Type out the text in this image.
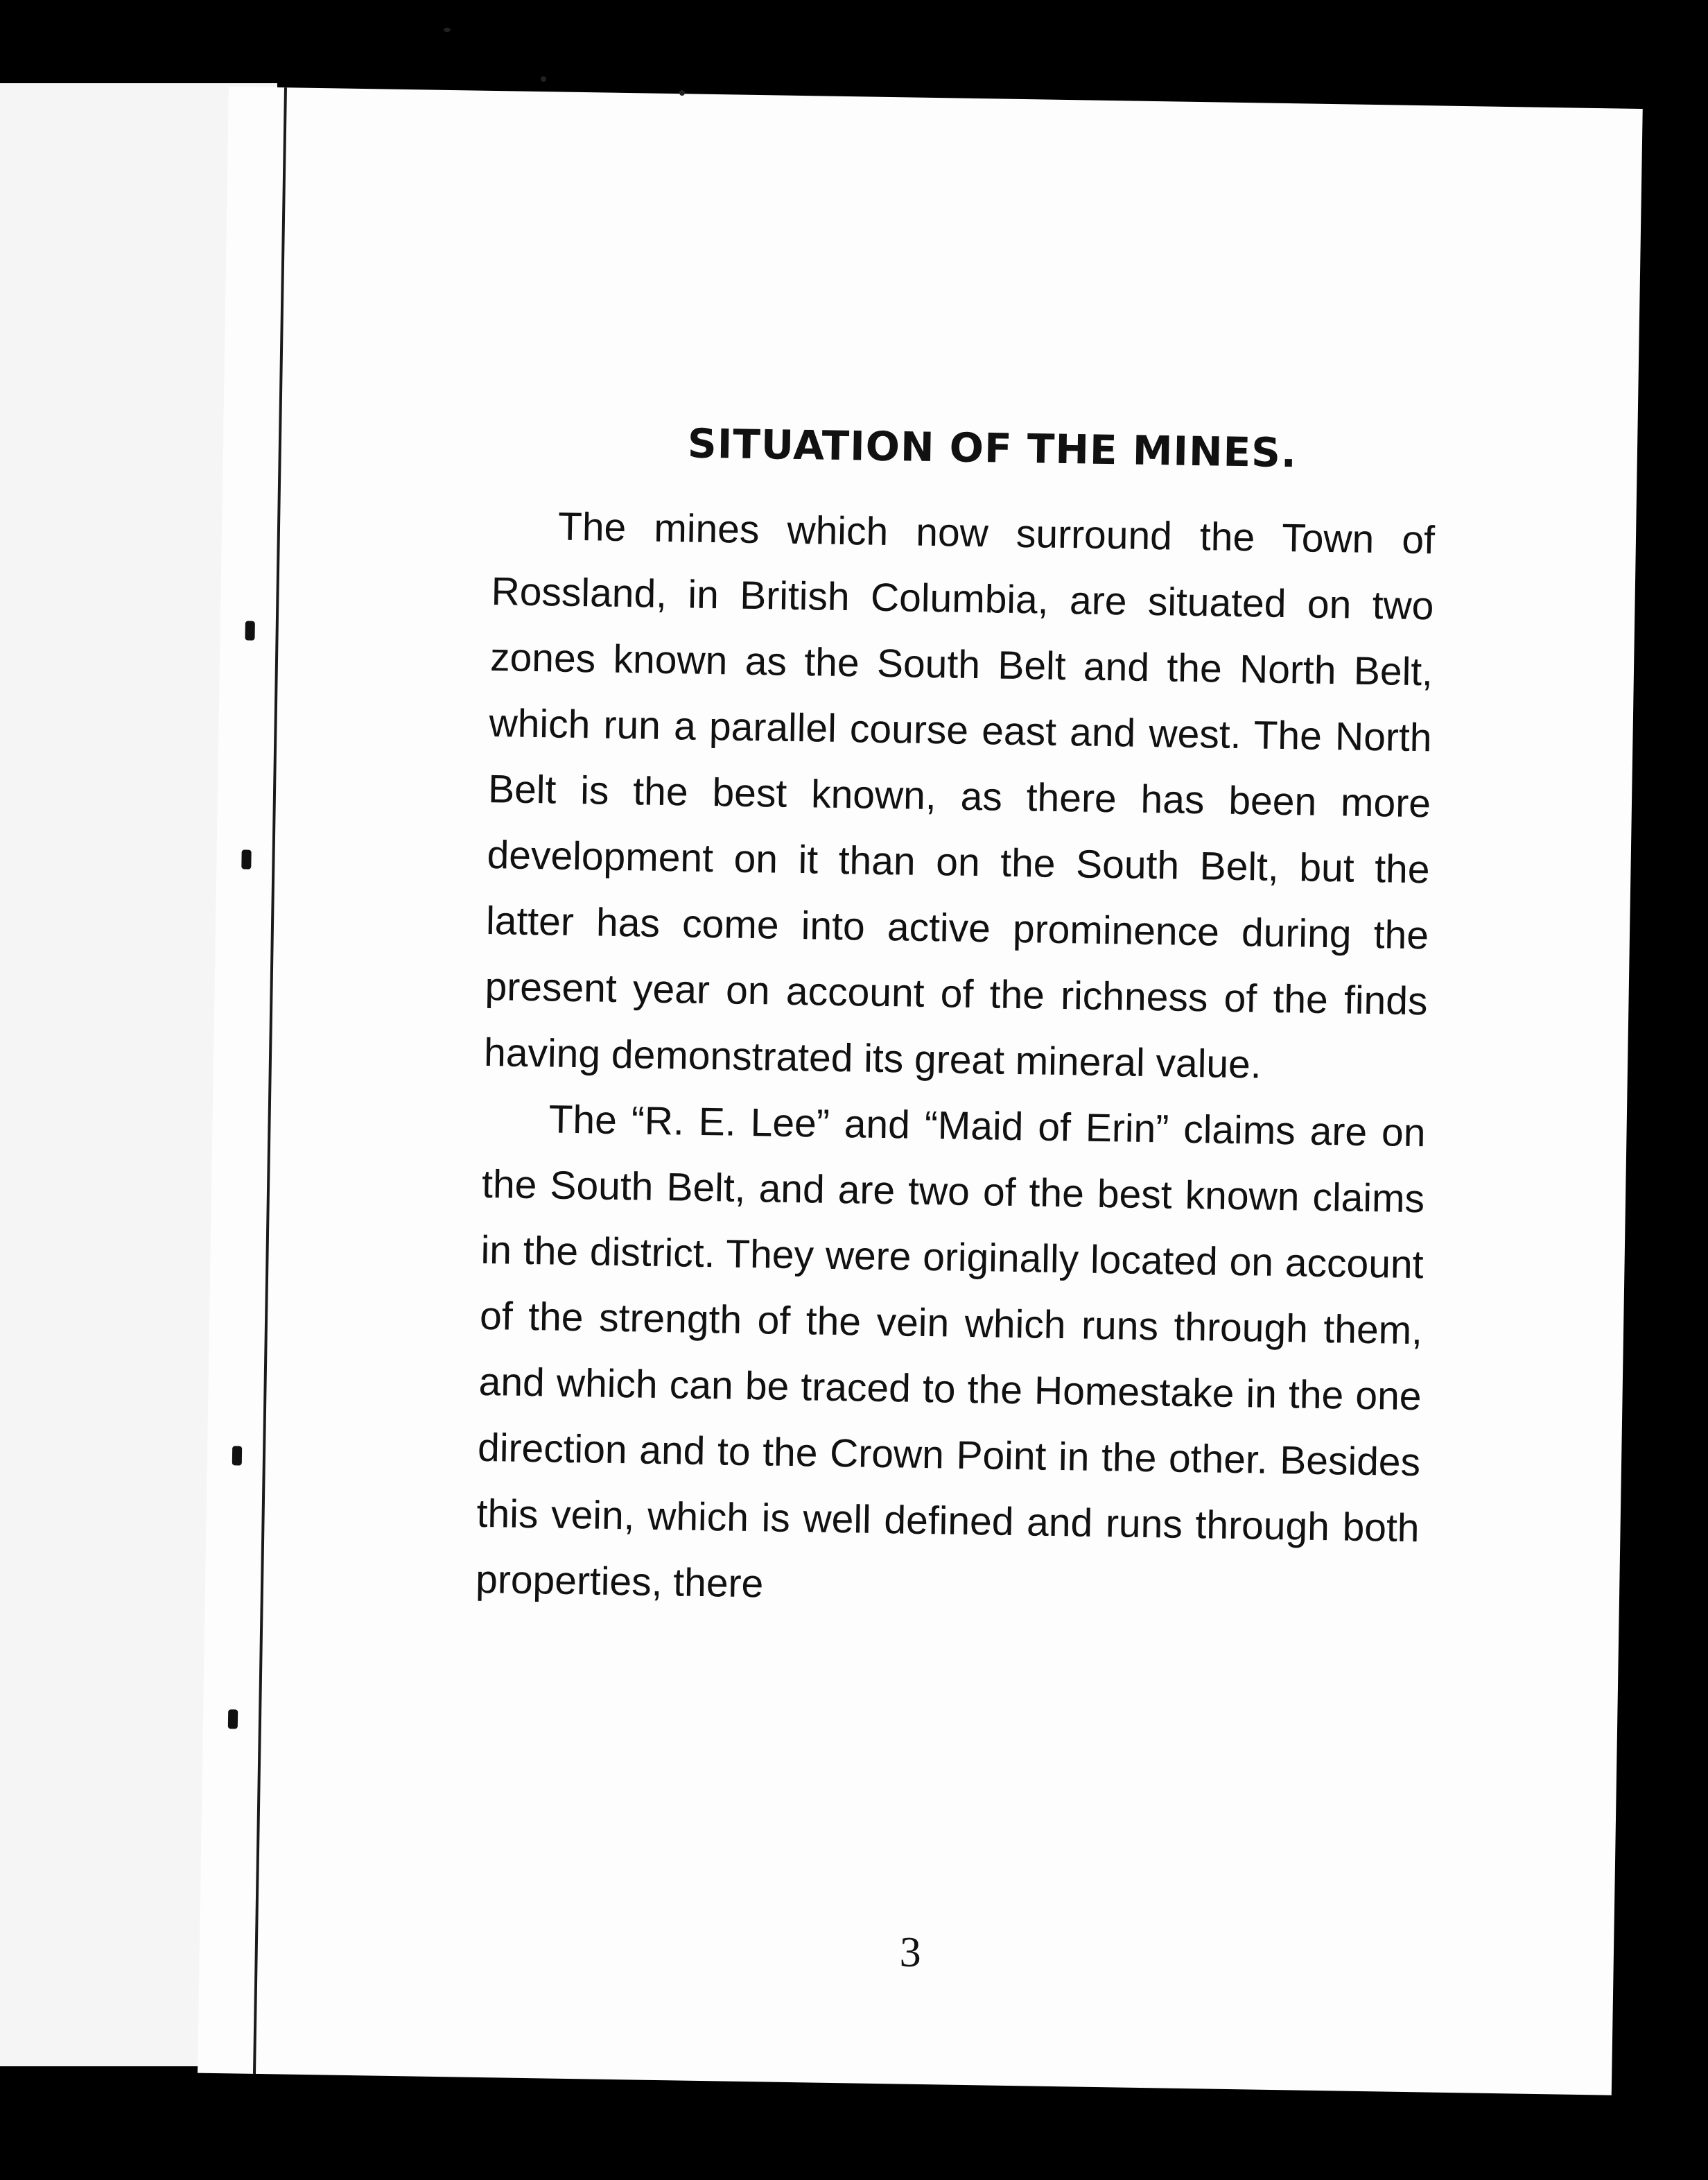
SITUATION OF THE MINES.

The mines which now surround the Town of Rossland, in British Columbia, are situated on two zones known as the South Belt and the North Belt, which run a parallel course east and west. The North Belt is the best known, as there has been more development on it than on the South Belt, but the latter has come into active prominence during the present year on account of the richness of the finds having demonstrated its great mineral value.

The “R. E. Lee” and “Maid of Erin” claims are on the South Belt, and are two of the best known claims in the district. They were originally located on account of the strength of the vein which runs through them, and which can be traced to the Homestake in the one direction and to the Crown Point in the other. Besides this vein, which is well defined and runs through both properties, there

3
